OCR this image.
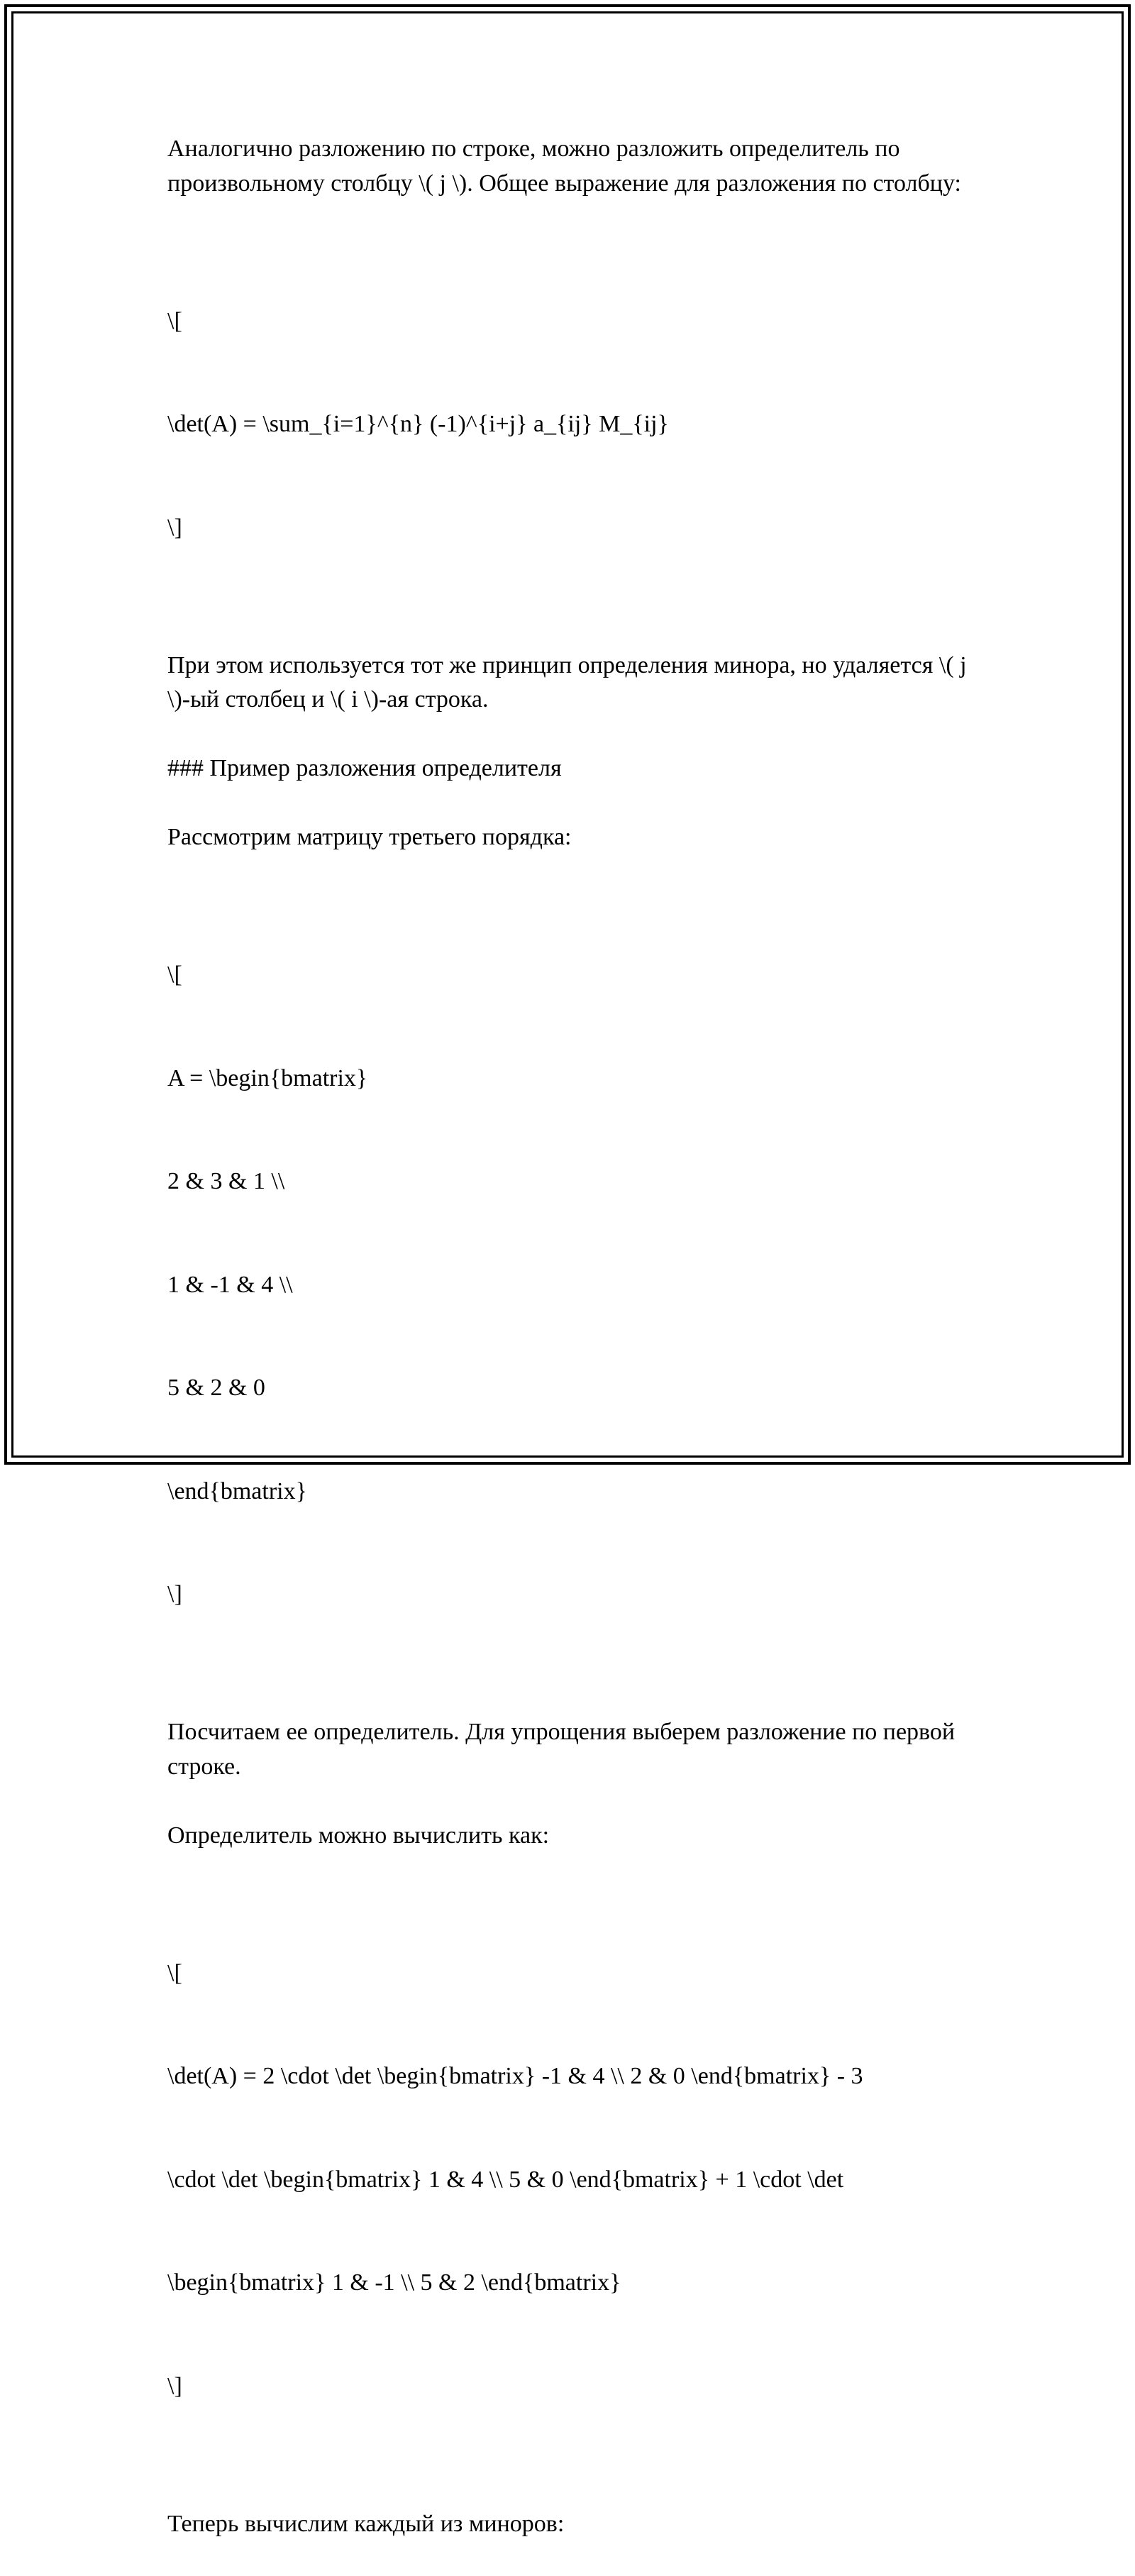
Аналогично разложению по строке, можно разложить определитель по произвольному столбцу \( j \). Общее выражение для разложения по столбцу:

\[

\det(A) = \sum_{i=1}^{n} (-1)^{i+j} a_{ij} M_{ij}

\]

При этом используется тот же принцип определения минора, но удаляется \( j \)-ый столбец и \( i \)-ая строка.

### Пример разложения определителя

Рассмотрим матрицу третьего порядка:

\[

A = \begin{bmatrix}

2 & 3 & 1 \\

1 & -1 & 4 \\

5 & 2 & 0

\end{bmatrix}

\]

Посчитаем ее определитель. Для упрощения выберем разложение по первой строке.

Определитель можно вычислить как:

\[

\det(A) = 2 \cdot \det \begin{bmatrix} -1 & 4 \\ 2 & 0 \end{bmatrix} - 3

\cdot \det \begin{bmatrix} 1 & 4 \\ 5 & 0 \end{bmatrix} + 1 \cdot \det

\begin{bmatrix} 1 & -1 \\ 5 & 2 \end{bmatrix}

\]

Теперь вычислим каждый из миноров:
